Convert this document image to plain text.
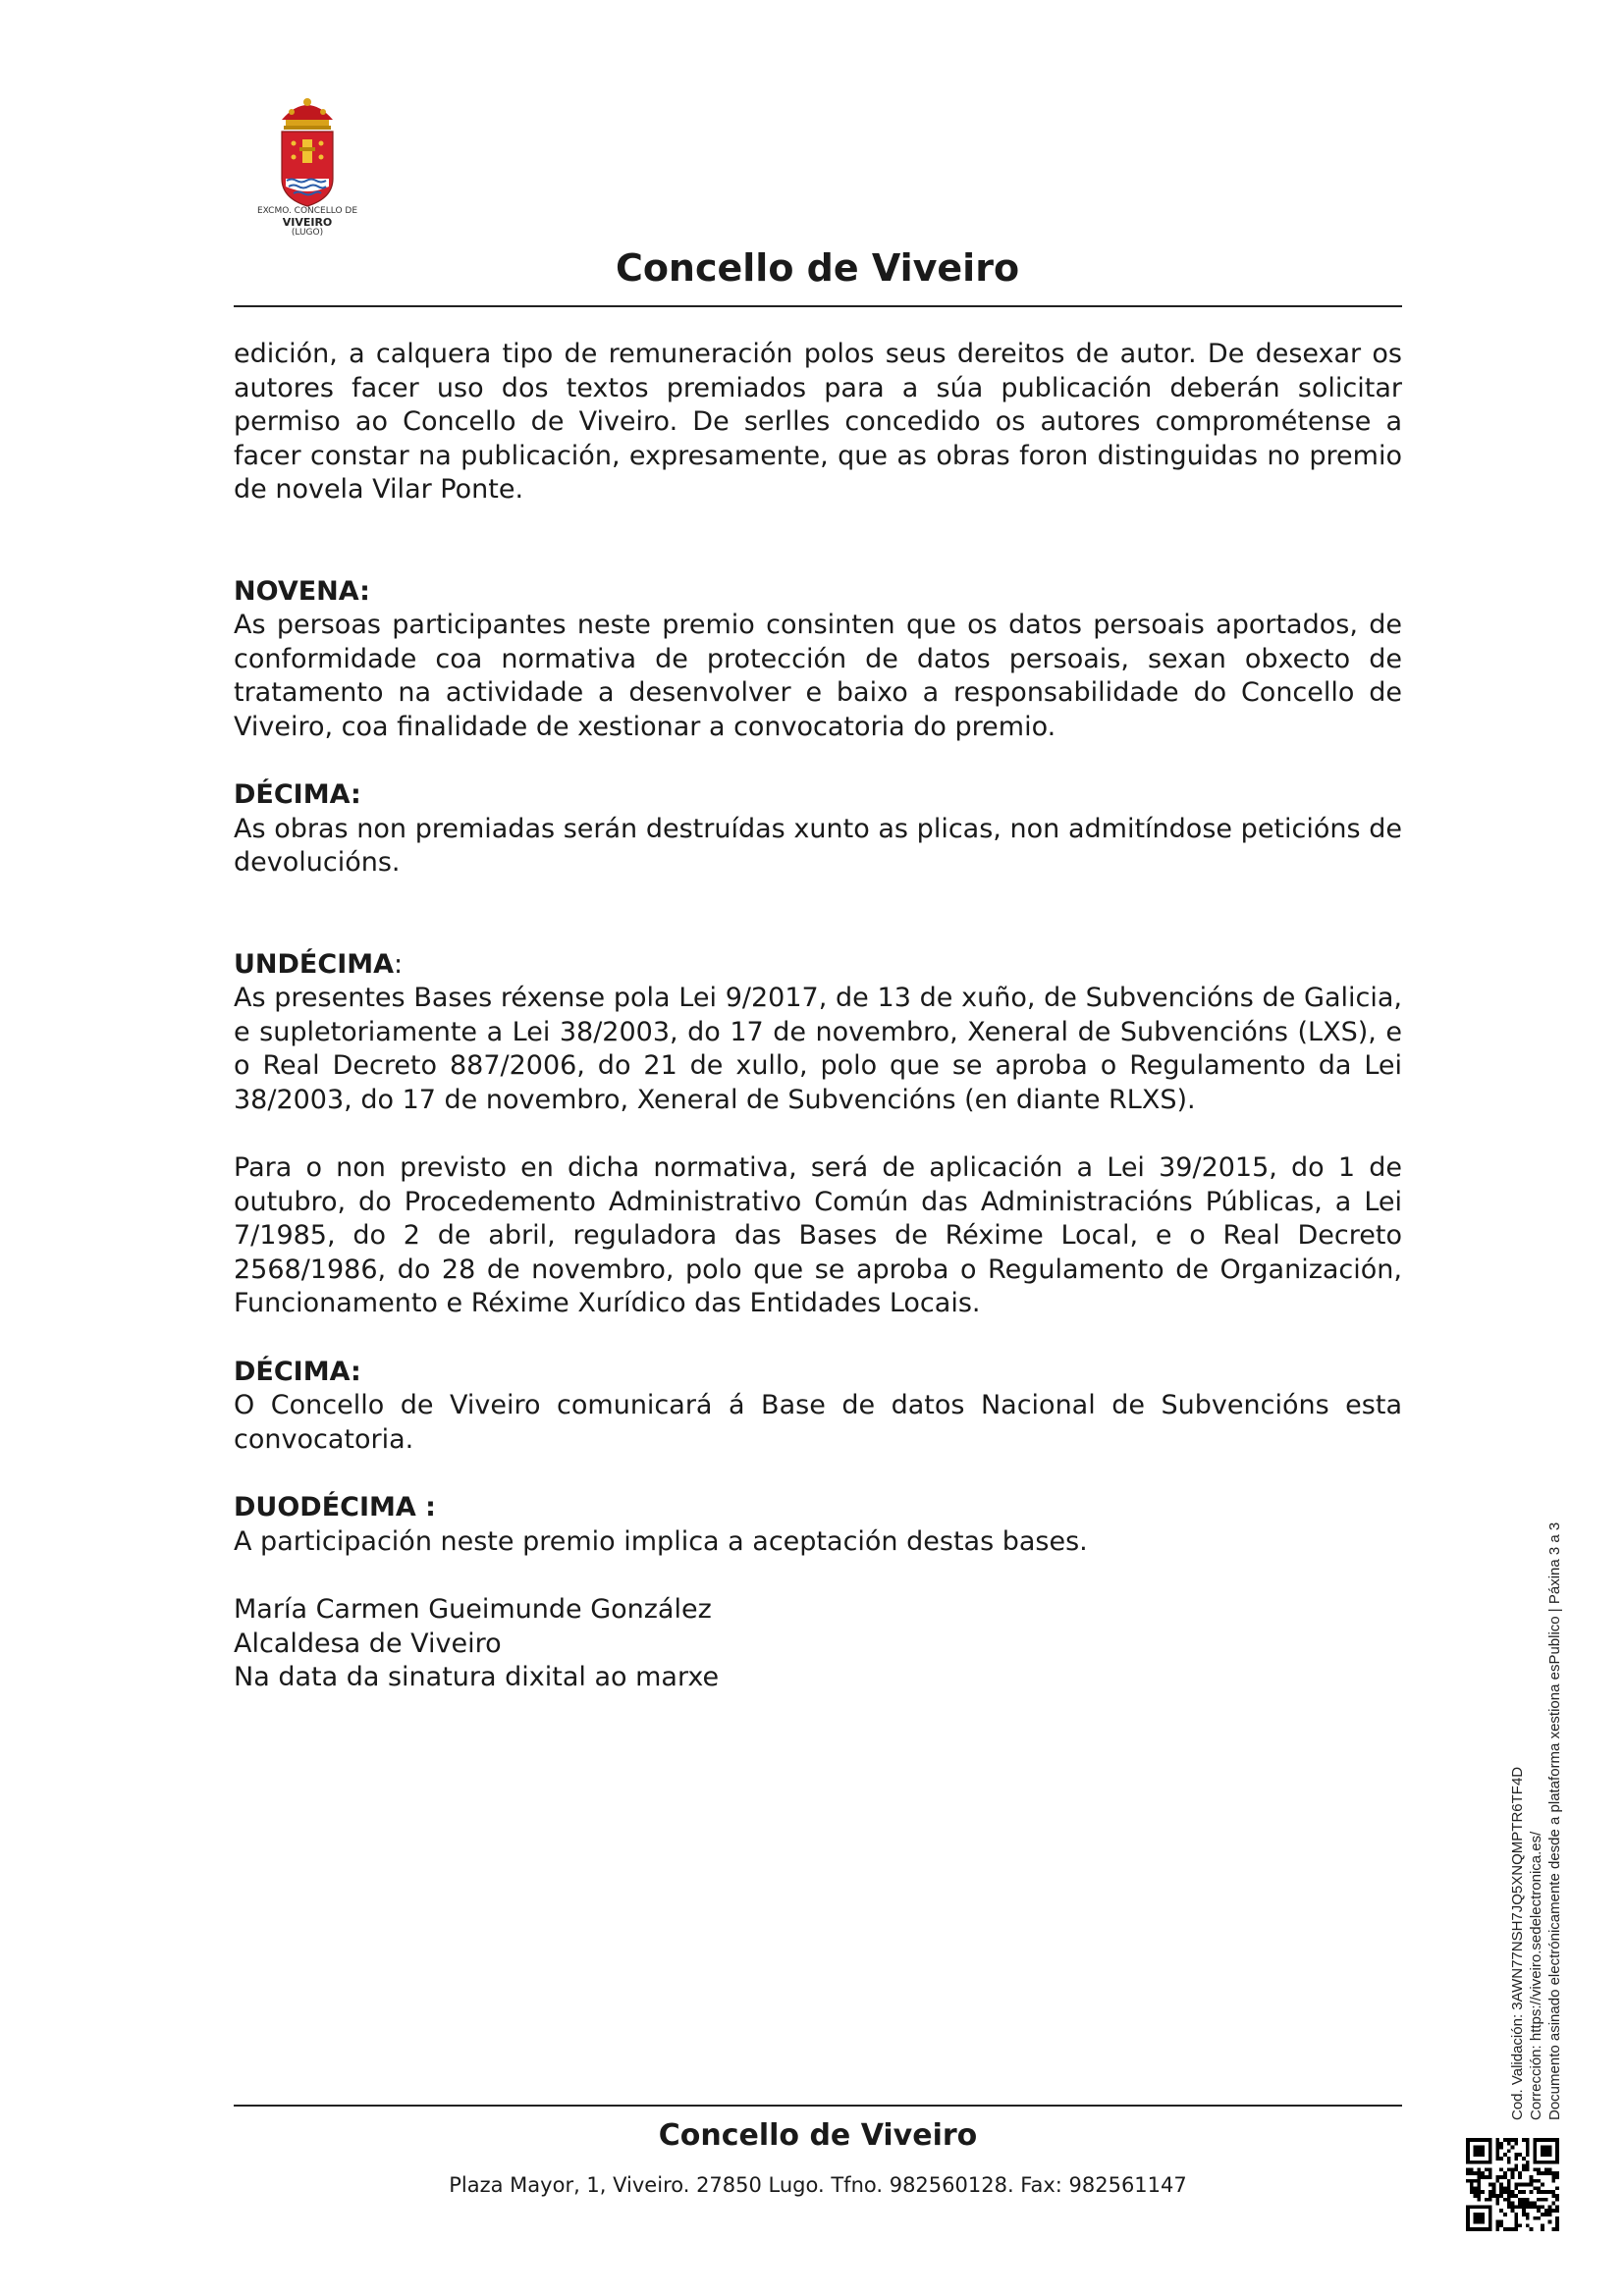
EXCMO. CONCELLO DE
VIVEIRO
(LUGO)
Concello de Viveiro

edición, a calquera tipo de remuneración polos seus dereitos de autor. De desexar os autores facer uso dos textos premiados para a súa publicación deberán solicitar permiso ao Concello de Viveiro. De serlles concedido os autores comprométense a facer constar na publicación, expresamente, que as obras foron distinguidas no premio de novela Vilar Ponte.

NOVENA:

As persoas participantes neste premio consinten que os datos persoais aportados, de conformidade coa normativa de protección de datos persoais, sexan obxecto de tratamento na actividade a desenvolver e baixo a responsabilidade do Concello de Viveiro, coa finalidade de xestionar a convocatoria do premio.

DÉCIMA:

As obras non premiadas serán destruídas xunto as plicas, non admitíndose peticións de devolucións.

UNDÉCIMA:

As presentes Bases réxense pola Lei 9/2017, de 13 de xuño, de Subvencións de Galicia, e supletoriamente a Lei 38/2003, do 17 de novembro, Xeneral de Subvencións (LXS), e o Real Decreto 887/2006, do 21 de xullo, polo que se aproba o Regulamento da Lei 38/2003, do 17 de novembro, Xeneral de Subvencións (en diante RLXS).

Para o non previsto en dicha normativa, será de aplicación a Lei 39/2015, do 1 de outubro, do Procedemento Administrativo Común das Administracións Públicas, a Lei 7/1985, do 2 de abril, reguladora das Bases de Réxime Local, e o Real Decreto 2568/1986, do 28 de novembro, polo que se aproba o Regulamento de Organización, Funcionamento e Réxime Xurídico das Entidades Locais.

DÉCIMA:

O Concello de Viveiro comunicará á Base de datos Nacional de Subvencións esta convocatoria.

DUODÉCIMA :

A participación neste premio implica a aceptación destas bases.

María Carmen Gueimunde González

Alcaldesa de Viveiro

Na data da sinatura dixital ao marxe

Concello de Viveiro
Plaza Mayor, 1, Viveiro. 27850 Lugo. Tfno. 982560128. Fax: 982561147
Cod. Validación: 3AWN77NSH7JQ5XNQMPTR6TF4D Corrección: https://viveiro.sedelectronica.es/ Documento asinado electrónicamente desde a plataforma xestiona esPublico | Páxina 3 a 3
